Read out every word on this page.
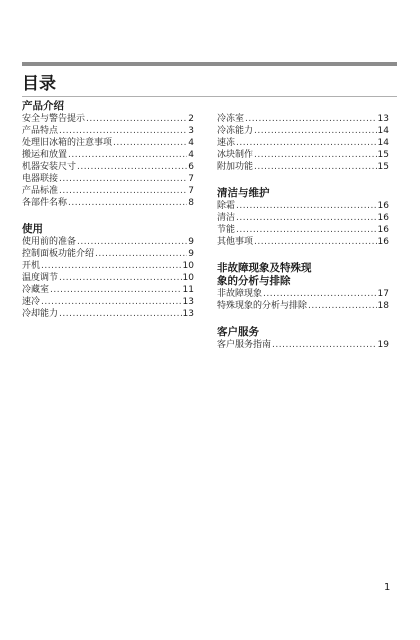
目录
产品介绍
安全与警告提示 .....	2
产品特点 .....	3
处理旧冰箱的注意事项 .....	4
搬运和放置 .....	4
机器安装尺寸 .....	6
电器联接 .....	7
产品标准 .....	7
各部件名称 .....	8
使用
使用前的准备 .....	9
控制面板功能介绍 .....	9
开机 .....	10
温度调节 .....	10
冷藏室 .....	11
速冷 .....	13
冷却能力 .....	13
冷冻室 .....	13
冷冻能力 .....	14
速冻 .....	14
冰块制作 .....	15
附加功能 .....	15
清洁与维护
除霜 .....	16
清洁 .....	16
节能 .....	16
其他事项 .....	16
非故障现象及特殊现
象的分析与排除
非故障现象 .....	17
特殊现象的分析与排除 .....	18
客户服务
客户服务指南 .....	19
1
